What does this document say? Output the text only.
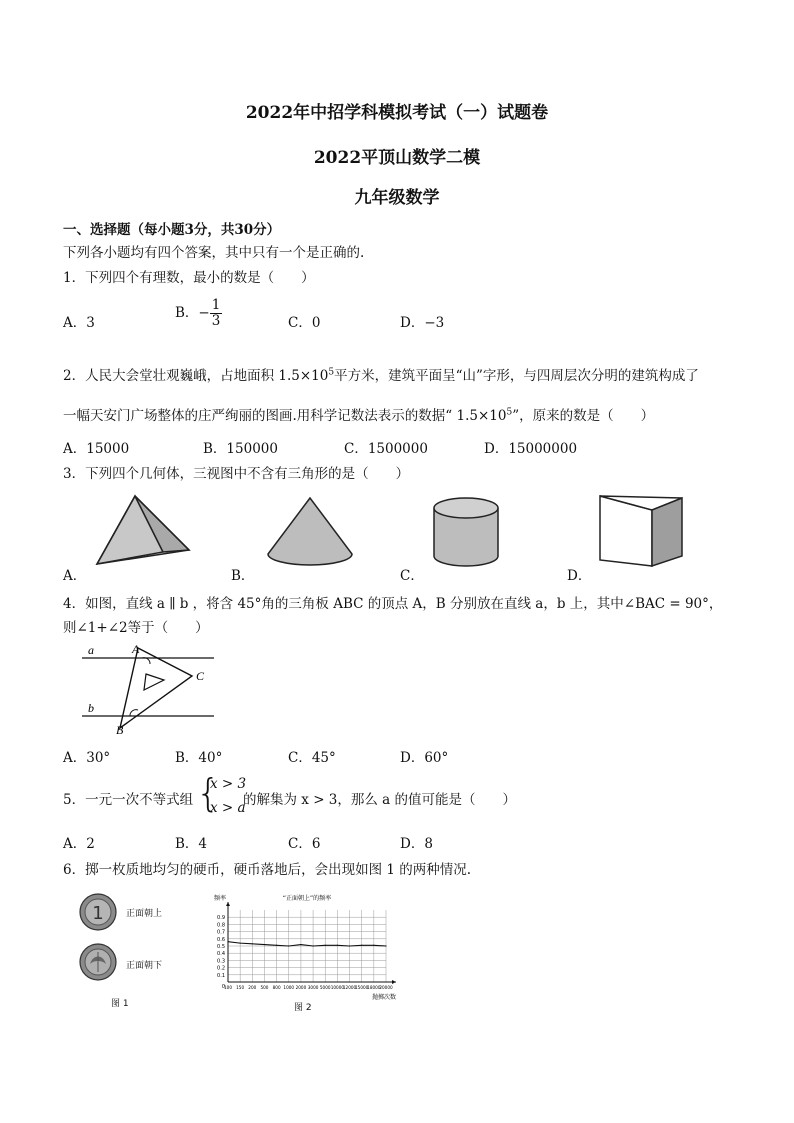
2022年中招学科模拟考试（一）试题卷
2022平顶山数学二模
九年级数学
一、选择题（每小题3分，共30分）
下列各小题均有四个答案，其中只有一个是正确的.
1．下列四个有理数，最小的数是（　　）
A．3
B．− $\frac{1}{3}$	C．0	D．−3
2．人民大会堂壮观巍峨，占地面积 $1.5\times 10^5$平方米，建筑平面呈“山”字形，与四周层次分明的建筑构成了
一幅天安门广场整体的庄严绚丽的图画.用科学记数法表示的数据“ $1.5\times 10^5$”，原来的数是（　　）
A．15000	B．150000	C．1500000	D．15000000
3．下列四个几何体，三视图中不含有三角形的是（　　）
A．	B．	C．	D．
4．如图，直线 a ∥ b ，将含 45°角的三角板 ABC 的顶点 A，B 分别放在直线 a，b 上，其中∠BAC = 90°，
则∠1+∠2等于（　　）
a
b
A
B
C
A．30°	B．40°	C．45°	D．60°
5．一元一次不等式组 {
x > 3
x > a
的解集为 x > 3，那么 a 的值可能是（　　）
A．2	B．4	C．6	D．8
6．掷一枚质地均匀的硬币，硬币落地后，会出现如图 1 的两种情况.
1 正面朝上
正面朝下
图 1
0.1
0.2
0.3
0.4
0.5
0.6
0.7
0.8
0.9
100 150 200 500 800 1000 2000 3000 5000 10000
12000
15000
18000
20000
0
“正面朝上”的频率
频率
抛掷次数
图 2
